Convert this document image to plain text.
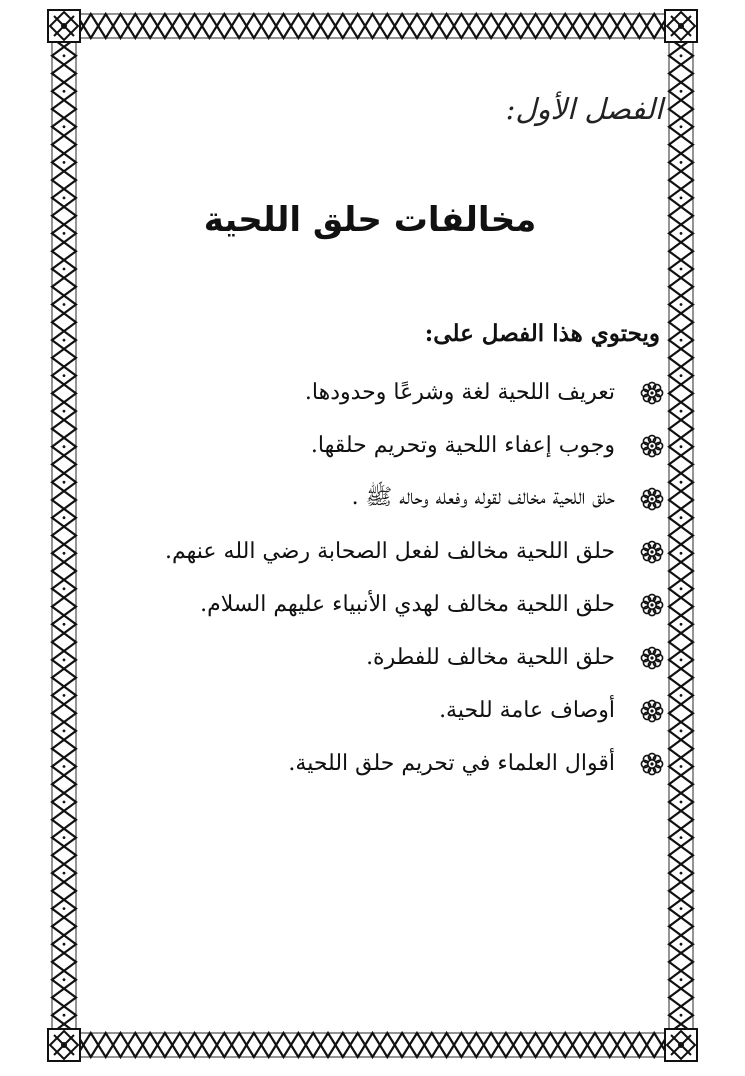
الفصل الأول:
مخالفات حلق اللحية
ويحتوي هذا الفصل على:
تعريف اللحية لغة وشرعًا وحدودها.
وجوب إعفاء اللحية وتحريم حلقها.
حلق اللحية مخالف لقوله وفعله وحاله ﷺ .
حلق اللحية مخالف لفعل الصحابة رضي الله عنهم.
حلق اللحية مخالف لهدي الأنبياء عليهم السلام.
حلق اللحية مخالف للفطرة.
أوصاف عامة للحية.
أقوال العلماء في تحريم حلق اللحية.
